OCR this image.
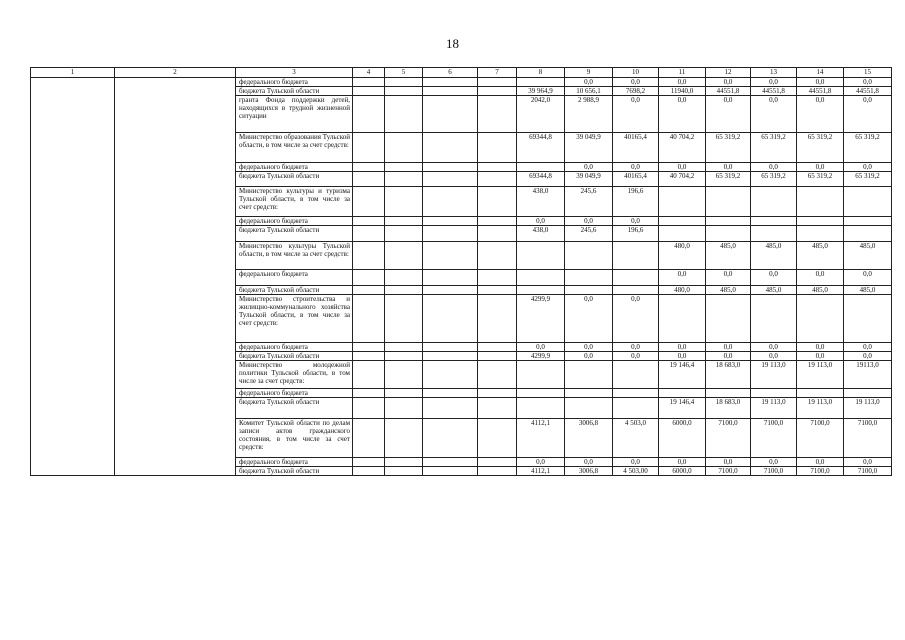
18
1	2	3	4	5	6	7	8	9	10	11	12	13	14	15
		федерального бюджета						0,0	0,0	0,0	0,0	0,0	0,0	0,0
		бюджета Тульской области					39 964,9	10 656,1	7698,2	11940,0	44551,8	44551,8	44551,8	44551,8
		гранта Фонда поддержки детей, находящихся в трудной жизненной ситуации					2042,0	2 988,9	0,0	0,0	0,0	0,0	0,0	0,0
		Министерство образования Тульской области, в том числе за счет средств:					69344,8	39 049,9	40165,4	40 704,2	65 319,2	65 319,2	65 319,2	65 319,2
		федерального бюджета						0,0	0,0	0,0	0,0	0,0	0,0	0,0
		бюджета Тульской области					69344,8	39 049,9	40165,4	40 704,2	65 319,2	65 319,2	65 319,2	65 319,2
		Министерство культуры и туризма Тульской области, в том числе за счет средств:					438,0	245,6	196,6					
		федерального бюджета					0,0	0,0	0,0					
		бюджета Тульской области					438,0	245,6	196,6					
		Министерство культуры Тульской области, в том числе за счет средств:								480,0	485,0	485,0	485,0	485,0
		федерального бюджета								0,0	0,0	0,0	0,0	0,0
		бюджета Тульской области								480,0	485,0	485,0	485,0	485,0
		Министерство строительства и жилищно-коммунального хозяйства Тульской области, в том числе за счет средств:					4299,9	0,0	0,0					
		федерального бюджета					0,0	0,0	0,0	0,0	0,0	0,0	0,0	0,0
		бюджета Тульской области					4299,9	0,0	0,0	0,0	0,0	0,0	0,0	0,0
		Министерство молодежной политики Тульской области, в том числе за счет средств:								19 146,4	18 683,0	19 113,0	19 113,0	19113,0
		федерального бюджета												
		бюджета Тульской области								19 146,4	18 683,0	19 113,0	19 113,0	19 113,0
		Комитет Тульской области по делам записи актов гражданского состояния, в том числе за счет средств:					4112,1	3006,8	4 503,0	6000,0	7100,0	7100,0	7100,0	7100,0
		федерального бюджета					0,0	0,0	0,0	0,0	0,0	0,0	0,0	0,0
		бюджета Тульской области					4112,1	3006,8	4 503,00	6000,0	7100,0	7100,0	7100,0	7100,0
